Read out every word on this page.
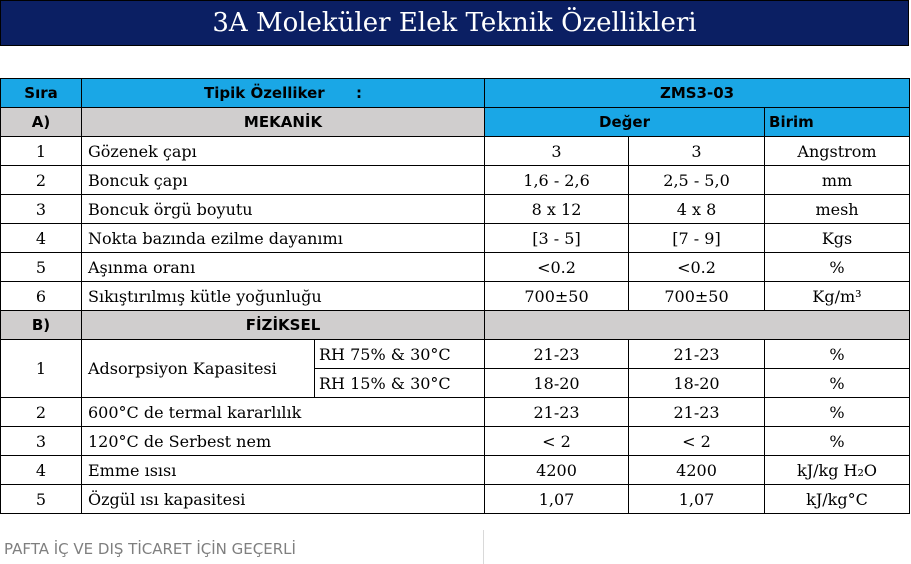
3A Moleküler Elek Teknik Özellikleri
Sıra	Tipik Özelliker      :		ZMS3-03		
A)	MEKANİK		Değer		Birim
1	Gözenek çapı		3	3	Angstrom
2	Boncuk çapı		1,6 - 2,6	2,5 - 5,0	mm
3	Boncuk örgü boyutu		8 x 12	4 x 8	mesh
4	Nokta bazında ezilme dayanımı		[3 - 5]	[7 - 9]	Kgs
5	Aşınma oranı		<0.2	<0.2	%
6	Sıkıştırılmış kütle yoğunluğu		700±50	700±50	Kg/m³
B)	FİZİKSEL				
1	Adsorpsiyon Kapasitesi	RH 75% & 30°C	21-23	21-23	%
		RH 15% & 30°C	18-20	18-20	%
2	600°C de termal kararlılık		21-23	21-23	%
3	120°C de Serbest nem		< 2	< 2	%
4	Emme ısısı		4200	4200	kJ/kg H₂O
5	Özgül ısı kapasitesi		1,07	1,07	kJ/kg°C
PAFTA İÇ VE DIŞ TİCARET İÇİN GEÇERLİ
